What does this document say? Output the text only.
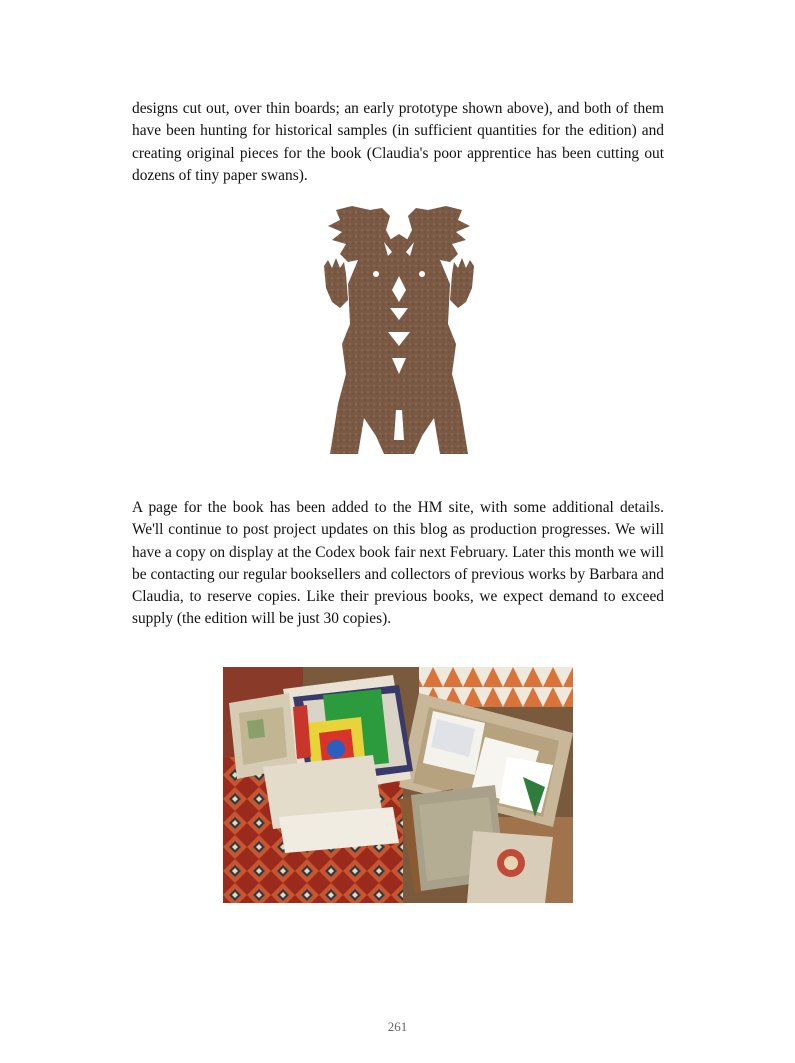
designs cut out, over thin boards; an early prototype shown above), and both of them have been hunting for historical samples (in sufficient quantities for the edition) and creating original pieces for the book (Claudia's poor apprentice has been cutting out dozens of tiny paper swans).

A page for the book has been added to the HM site, with some additional details. We'll continue to post project updates on this blog as production progresses. We will have a copy on display at the Codex book fair next February. Later this month we will be contacting our regular booksellers and collectors of previous works by Barbara and Claudia, to reserve copies. Like their previous books, we expect demand to exceed supply (the edition will be just 30 copies).

261
